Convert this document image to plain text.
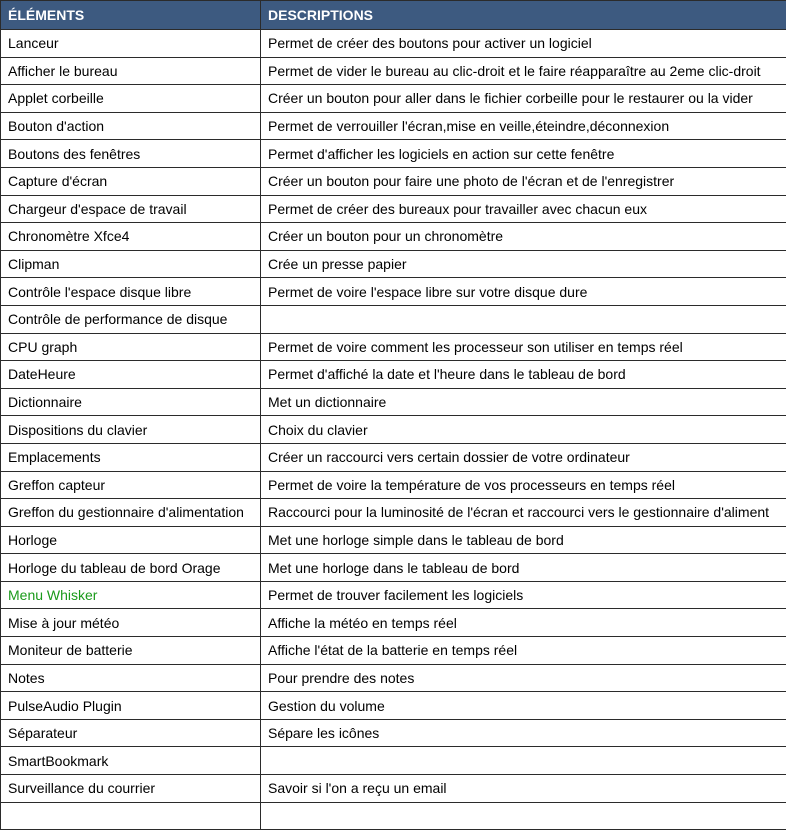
ÉLÉMENTS	DESCRIPTIONS
Lanceur	Permet de créer des boutons pour activer un logiciel
Afficher le bureau	Permet de vider le bureau au clic-droit et le faire réapparaître au 2eme clic-droit
Applet corbeille	Créer un bouton pour aller dans le fichier corbeille pour le restaurer ou la vider
Bouton d'action	Permet de verrouiller l'écran,mise en veille,éteindre,déconnexion
Boutons des fenêtres	Permet d'afficher les logiciels en action sur cette fenêtre
Capture d'écran	Créer un bouton pour faire une photo de l'écran et de l'enregistrer
Chargeur d'espace de travail	Permet de créer des bureaux pour travailler avec chacun eux
Chronomètre Xfce4	Créer un bouton pour un chronomètre
Clipman	Crée un presse papier
Contrôle l'espace disque libre	Permet de voire l'espace libre sur votre disque dure
Contrôle de performance de disque	
CPU graph	Permet de voire comment les processeur son utiliser en temps réel
DateHeure	Permet d'affiché la date et l'heure dans le tableau de bord
Dictionnaire	Met un dictionnaire
Dispositions du clavier	Choix du clavier
Emplacements	Créer un raccourci vers certain dossier de votre ordinateur
Greffon capteur	Permet de voire la température de vos processeurs en temps réel
Greffon du gestionnaire d'alimentation	Raccourci pour la luminosité de l'écran et raccourci vers le gestionnaire d'aliment
Horloge	Met une horloge simple dans le tableau de bord
Horloge du tableau de bord Orage	Met une horloge dans le tableau de bord
Menu Whisker	Permet de trouver facilement les logiciels
Mise à jour météo	Affiche la météo en temps réel
Moniteur de batterie	Affiche l'état de la batterie en temps réel
Notes	Pour prendre des notes
PulseAudio Plugin	Gestion du volume
Séparateur	Sépare les icônes
SmartBookmark	
Surveillance du courrier	Savoir si l'on a reçu un email
